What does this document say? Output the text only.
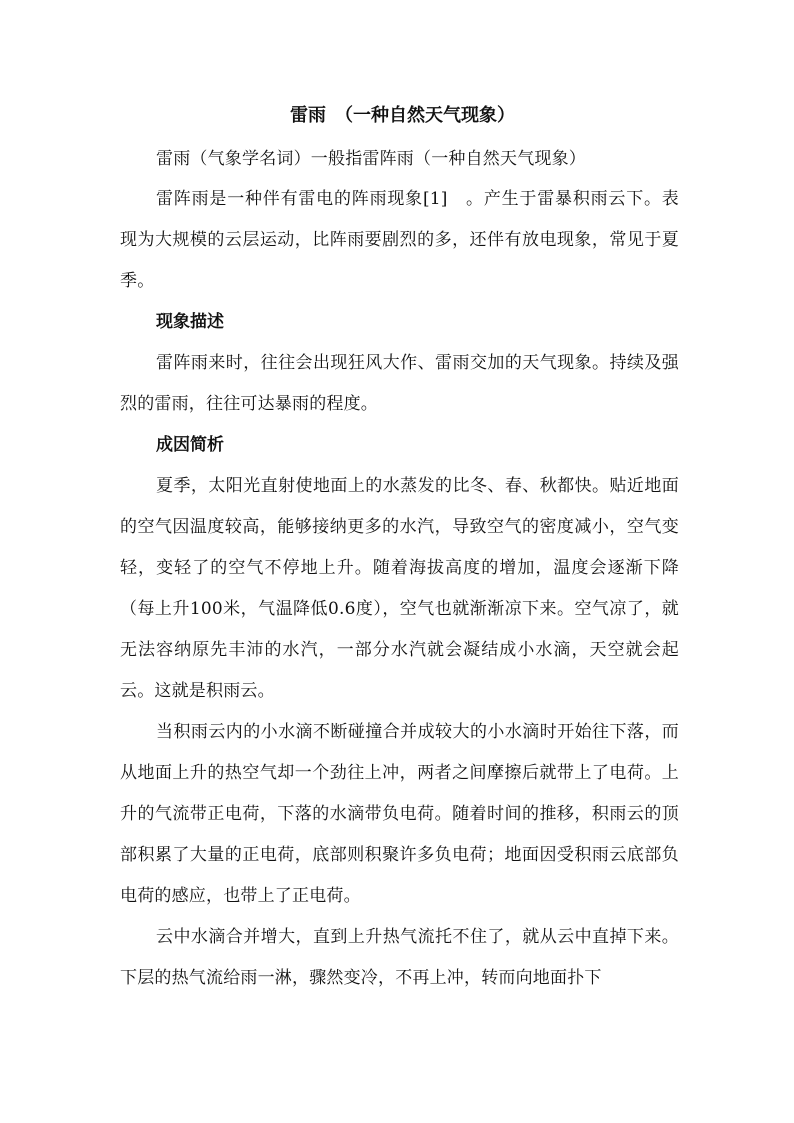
雷雨　（一种自然天气现象）

雷雨（气象学名词）一般指雷阵雨（一种自然天气现象）

雷阵雨是一种伴有雷电的阵雨现象[1]　。产生于雷暴积雨云下。表现为大规模的云层运动，比阵雨要剧烈的多，还伴有放电现象，常见于夏季。

现象描述

雷阵雨来时，往往会出现狂风大作、雷雨交加的天气现象。持续及强烈的雷雨，往往可达暴雨的程度。

成因简析

夏季，太阳光直射使地面上的水蒸发的比冬、春、秋都快。贴近地面的空气因温度较高，能够接纳更多的水汽，导致空气的密度减小，空气变轻，变轻了的空气不停地上升。随着海拔高度的增加，温度会逐渐下降（每上升100米，气温降低0.6度），空气也就渐渐凉下来。空气凉了，就无法容纳原先丰沛的水汽，一部分水汽就会凝结成小水滴，天空就会起云。这就是积雨云。

当积雨云内的小水滴不断碰撞合并成较大的小水滴时开始往下落，而从地面上升的热空气却一个劲往上冲，两者之间摩擦后就带上了电荷。上升的气流带正电荷，下落的水滴带负电荷。随着时间的推移，积雨云的顶部积累了大量的正电荷，底部则积聚许多负电荷；地面因受积雨云底部负电荷的感应，也带上了正电荷。

云中水滴合并增大，直到上升热气流托不住了，就从云中直掉下来。下层的热气流给雨一淋，骤然变冷，不再上冲，转而向地面扑下
